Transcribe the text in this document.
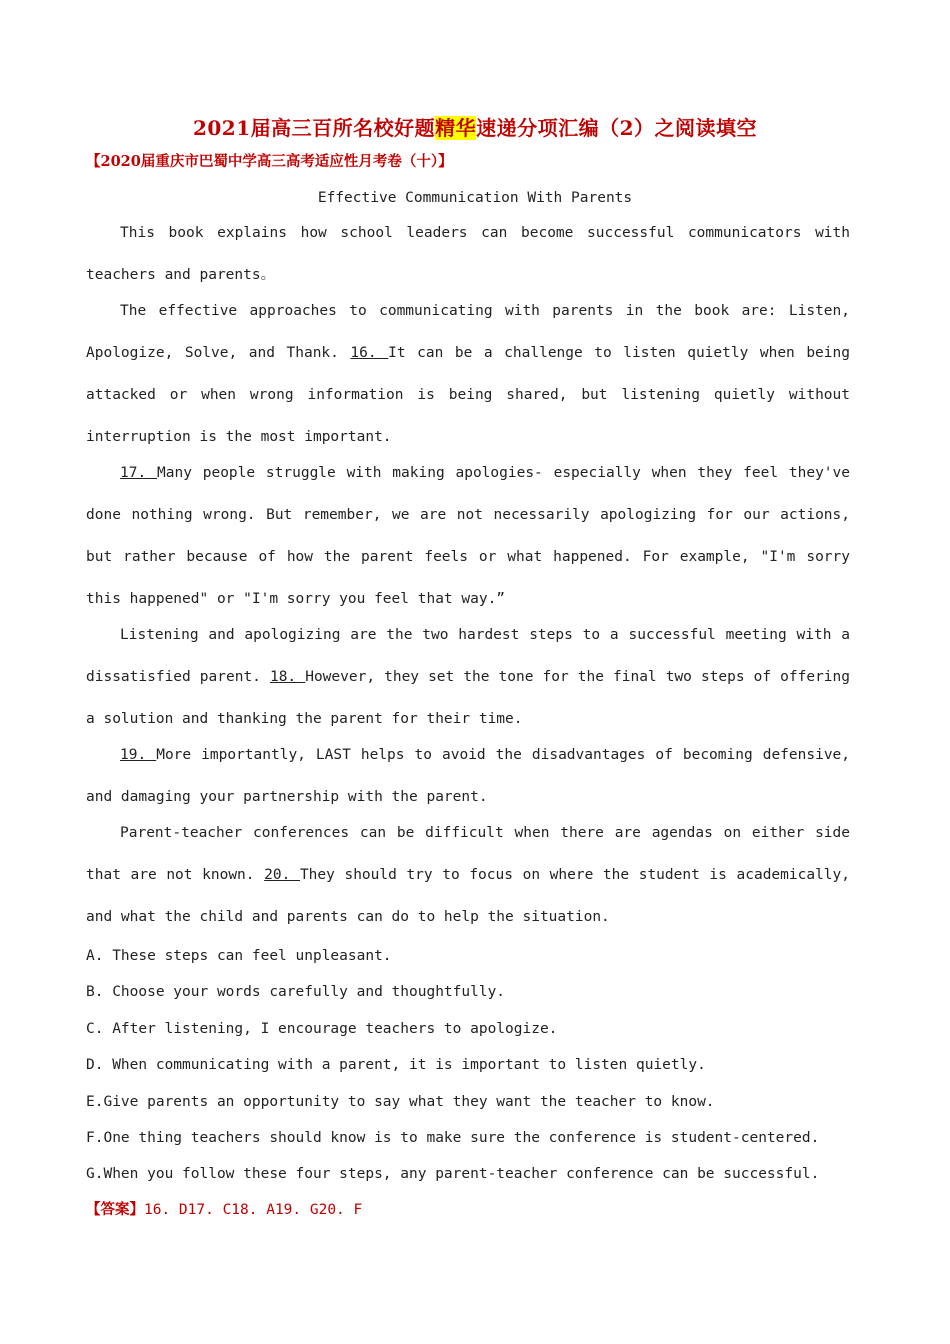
2021届高三百所名校好题精华速递分项汇编（2）之阅读填空
【2020届重庆市巴蜀中学高三高考适应性月考卷（十）】
Effective Communication With Parents

This book explains how school leaders can become successful communicators with teachers and parents。

The effective approaches to communicating with parents in the book are: Listen, Apologize, Solve, and Thank. 16. It can be a challenge to listen quietly when being attacked or when wrong information is being shared, but listening quietly without interruption is the most important.

17. Many people struggle with making apologies- especially when they feel they've done nothing wrong. But remember, we are not necessarily apologizing for our actions, but rather because of how the parent feels or what happened. For example, "I'm sorry this happened" or "I'm sorry you feel that way.”

Listening and apologizing are the two hardest steps to a successful meeting with a dissatisfied parent. 18. However, they set the tone for the final two steps of offering a solution and thanking the parent for their time.

19. More importantly, LAST helps to avoid the disadvantages of becoming defensive, and damaging your partnership with the parent.

Parent-teacher conferences can be difficult when there are agendas on either side that are not known. 20. They should try to focus on where the student is academically, and what the child and parents can do to help the situation.

A. These steps can feel unpleasant.
B. Choose your words carefully and thoughtfully.
C. After listening, I encourage teachers to apologize.
D. When communicating with a parent, it is important to listen quietly.
E.Give parents an opportunity to say what they want the teacher to know.
F.One thing teachers should know is to make sure the conference is student-centered.
G.When you follow these four steps, any parent-teacher conference can be successful.
【答案】16. D17. C18. A19. G20. F
